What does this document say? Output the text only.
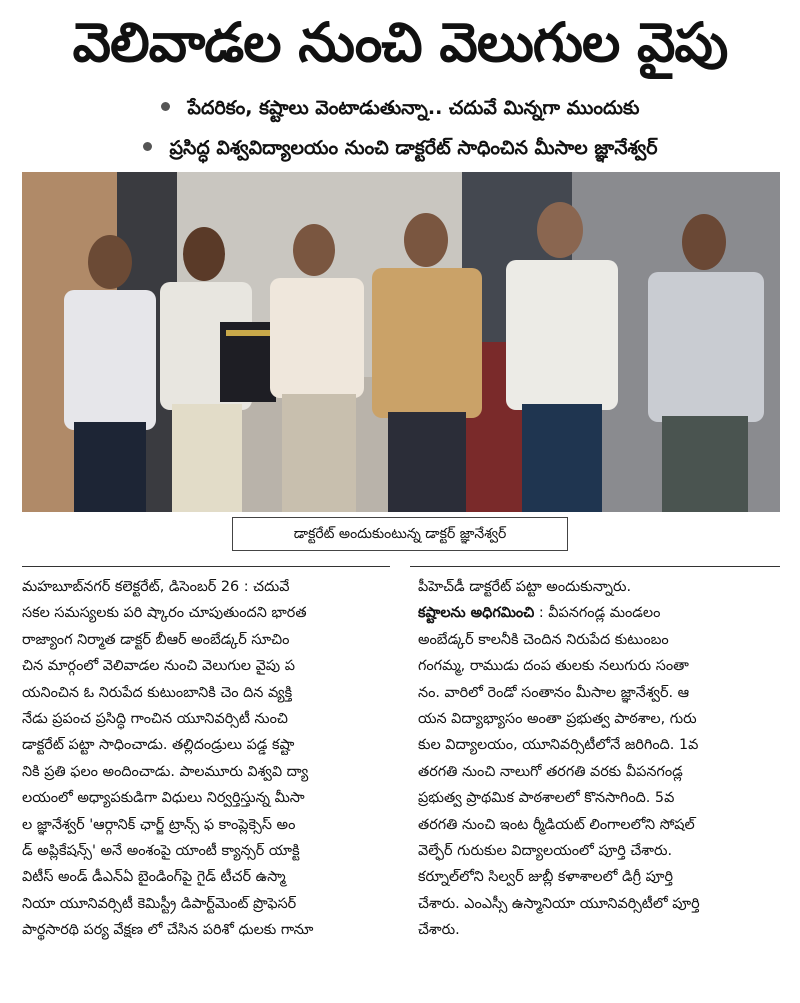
వెలివాడల నుంచి వెలుగుల వైపు
పేదరికం, కష్టాలు వెంటాడుతున్నా.. చదువే మిన్నగా ముందుకు
ప్రసిద్ధ విశ్వవిద్యాలయం నుంచి డాక్టరేట్ సాధించిన మీసాల జ్ఞానేశ్వర్
డాక్టరేట్ అందుకుంటున్న డాక్టర్ జ్ఞానేశ్వర్
మహబూబ్‌నగర్ కలెక్టరేట్, డిసెంబర్ 26 : చదువే
సకల సమస్యలకు పరి ష్కారం చూపుతుందని భారత
రాజ్యాంగ నిర్మాత డాక్టర్ బీఆర్ అంబేడ్కర్ సూచిం
చిన మార్గంలో వెలివాడల నుంచి వెలుగుల వైపు ప
యనించిన ఓ నిరుపేద కుటుంబానికి చెం దిన వ్యక్తి
నేడు ప్రపంచ ప్రసిద్ధి గాంచిన యూనివర్సిటీ నుంచి
డాక్టరేట్ పట్టా సాధించాడు. తల్లిదండ్రులు పడ్డ కష్టా
నికి ప్రతి ఫలం అందించాడు. పాలమూరు విశ్వవి ద్యా
లయంలో అధ్యాపకుడిగా విధులు నిర్వర్తిస్తున్న మీసా
ల జ్ఞానేశ్వర్ 'ఆర్గానిక్ ఛార్జ్ ట్రాన్స్ ఫ కాంప్లెక్సెస్ అం
డ్ అప్లికేషన్స్' అనే అంశంపై యాంటీ క్యాన్సర్ యాక్టి
విటీస్ అండ్ డీఎన్ఏ బైండింగ్‌పై గైడ్ టీచర్ ఉస్మా
నియా యూనివర్సిటీ కెమిస్ట్రీ డిపార్ట్‌మెంట్ ప్రొఫెసర్
పార్థసారథి పర్య వేక్షణ లో చేసిన పరిశో ధులకు గానూ
పీహెచ్‌డీ డాక్టరేట్ పట్టా అందుకున్నారు.
కష్టాలను అధిగమించి : వీపనగండ్ల మండలం
అంబేడ్కర్ కాలనీకి చెందిన నిరుపేద కుటుంబం
గంగమ్మ, రాముడు దంప తులకు నలుగురు సంతా
నం. వారిలో రెండో సంతానం మీసాల జ్ఞానేశ్వర్. ఆ
యన విద్యాభ్యాసం అంతా ప్రభుత్వ పాఠశాల, గురు
కుల విద్యాలయం, యూనివర్సిటీలోనే జరిగింది. 1వ
తరగతి నుంచి నాలుగో తరగతి వరకు వీపనగండ్ల
ప్రభుత్వ ప్రాథమిక పాఠశాలలో కొనసాగింది. 5వ
తరగతి నుంచి ఇంట ర్మీడియట్ లింగాలలోని సోషల్
వెల్ఫేర్ గురుకుల విద్యాలయంలో పూర్తి చేశారు.
కర్నూల్‌లోని సిల్వర్ జుబ్లీ కళాశాలలో డిగ్రీ పూర్తి
చేశారు. ఎంఎస్సీ ఉస్మానియా యూనివర్సిటీలో పూర్తి
చేశారు.
